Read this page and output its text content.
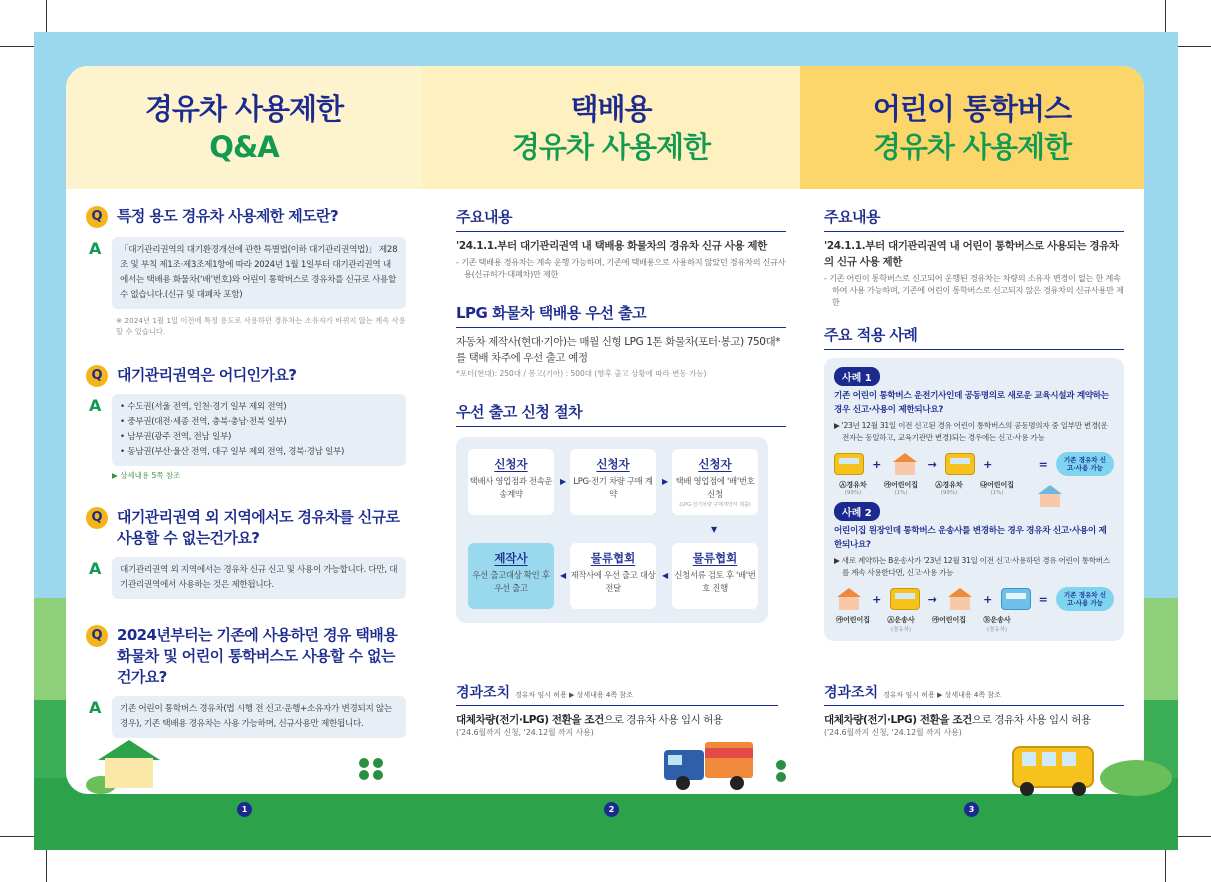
경유차 사용제한
Q&A
택배용
경유차 사용제한
어린이 통학버스
경유차 사용제한
Q 특정 용도 경유차 사용제한 제도란?
A	「대기관리권역의 대기환경개선에 관한 특별법(이하 대기관리권역법)」 제28조 및 부칙 제1조·제3조제1항에 따라 2024년 1월 1일부터 대기관리권역 내에서는 택배용 화물차(‘배’번호)와 어린이 통학버스로 경유차를 신규로 사용할 수 없습니다.(신규 및 대폐차 포함)
※ 2024년 1월 1일 이전에 특정 용도로 사용하던 경유차는 소유자가 바뀌지 않는 계속 사용할 수 있습니다.
Q 대기관리권역은 어디인가요?
A	• 수도권(서울 전역, 인천·경기 일부 제외 전역)
• 중부권(대전·세종 전역, 충북·충남·전북 일부)
• 남부권(광주 전역, 전남 일부)
• 동남권(부산·울산 전역, 대구 일부 제외 전역, 경북·경남 일부)
▶ 상세내용 5쪽 참조
Q 대기관리권역 외 지역에서도 경유차를 신규로 사용할 수 없는건가요?
A	대기관리권역 외 지역에서는 경유차 신규 신고 및 사용이 가능합니다. 다만, 대기관리권역에서 사용하는 것은 제한됩니다.
Q 2024년부터는 기존에 사용하던 경유 택배용 화물차 및 어린이 통학버스도 사용할 수 없는 건가요?
A	기존 어린이 통학버스 경유차(법 시행 전 신고·운행+소유자가 변경되지 않는 경우), 기존 택배용 경유차는 사용 가능하며, 신규사용만 제한됩니다.
주요내용
'24.1.1.부터 대기관리권역 내 택배용 화물차의 경유차 신규 사용 제한
- 기존 택배용 경유차는 계속 운행 가능하며, 기존에 택배용으로 사용하지 않았던 경유차의 신규사용(신규허가·대폐차)만 제한
LPG 화물차 택배용 우선 출고
자동차 제작사(현대·기아)는 매월 신형 LPG 1톤 화물차(포터·봉고) 750대*를 택배 차주에 우선 출고 예정
*포터(현대): 250대 / 봉고(기아) : 500대 (향후 출고 상황에 따라 변동 가능)
우선 출고 신청 절차
신청자
택배사 영업점과 전속운송계약
▶
신청자
LPG·전기 차량 구매 계약
▶
신청자
택배 영업점에 '배'번호 신청
(LPG·전기차량 구매계약서 제출)
▼
물류협회
신청서류 검토 후 '배'번호 진행
◀
물류협회
제작사에 우선 출고 대상 전달
◀
제작사
우선 출고대상 확인 후 우선 출고
주요내용
'24.1.1.부터 대기관리권역 내 어린이 통학버스로 사용되는 경유차의 신규 사용 제한
- 기존 어린이 통학버스로 신고되어 운행된 경유차는 차량의 소유자 변경이 없는 한 계속하여 사용 가능하며, 기존에 어린이 통학버스로 신고되지 않은 경유차의 신규사용만 제한
주요 적용 사례
사례 1
기존 어린이 통학버스 운전기사인데 공동명의로 새로운 교육시설과 계약하는 경우 신고·사용이 제한되나요?
▶ '23년 12월 31일 이전 신고된 경유 어린이 통학버스의 공동명의자 중 일부만 변경(운전자는 동일하고, 교육기관만 변경)되는 경우에는 신고·사용 가능
+	→	+	=	기존 경유차 신고·사용 가능
Ⓐ경유차
(99%)
㉮어린이집
(1%)
Ⓐ경유차
(99%)
㉯어린이집
(1%)
사례 2
어린이집 원장인데 통학버스 운송사를 변경하는 경우 경유차 신고·사용이 제한되나요?
▶ 새로 계약하는 B운송사가 '23년 12월 31일 이전 신고·사용하던 경유 어린이 통학버스를 계속 사용한다면, 신고·사용 가능
+	→	+	=	기존 경유차 신고·사용 가능
㉮어린이집	Ⓐ운송사
(경유차)
㉮어린이집	Ⓑ운송사
(경유차)
경과조치 경유차 임시 허용 ▶ 상세내용 4쪽 참조
대체차량(전기·LPG) 전환을 조건으로 경유차 사용 임시 허용
('24.6월까지 신청, '24.12월 까지 사용)
경과조치 경유차 임시 허용 ▶ 상세내용 4쪽 참조
대체차량(전기·LPG) 전환을 조건으로 경유차 사용 임시 허용
('24.6월까지 신청, '24.12월 까지 사용)
1	2	3
